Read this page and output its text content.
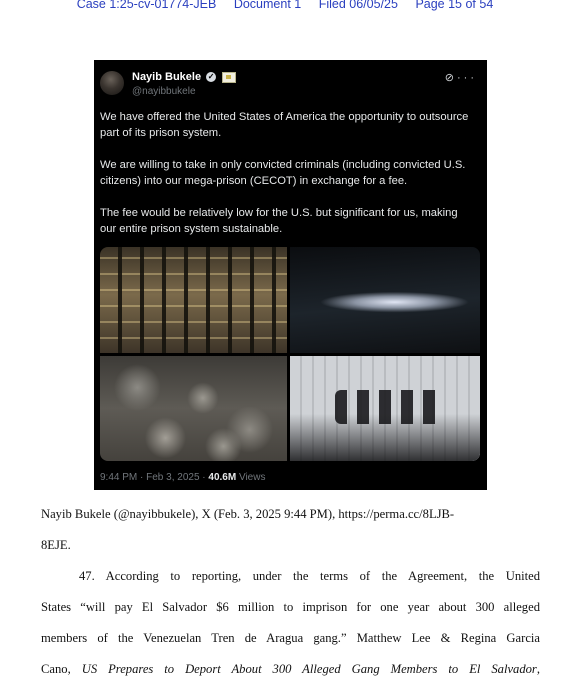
Case 1:25-cv-01774-JEB Document 1 Filed 06/05/25 Page 15 of 54
Nayib Bukele ✓
@nayibbukele
⊘···

We have offered the United States of America the opportunity to outsource part of its prison system.

We are willing to take in only convicted criminals (including convicted U.S. citizens) into our mega-prison (CECOT) in exchange for a fee.

The fee would be relatively low for the U.S. but significant for us, making our entire prison system sustainable.

9:44 PM · Feb 3, 2025 · 40.6M Views
Nayib Bukele (@nayibbukele), X (Feb. 3, 2025 9:44 PM), https://perma.cc/8LJB-
8EJE.
47. According to reporting, under the terms of the Agreement, the United
States “will pay El Salvador $6 million to imprison for one year about 300 alleged
members of the Venezuelan Tren de Aragua gang.” Matthew Lee & Regina Garcia
Cano, US Prepares to Deport About 300 Alleged Gang Members to El Salvador,
